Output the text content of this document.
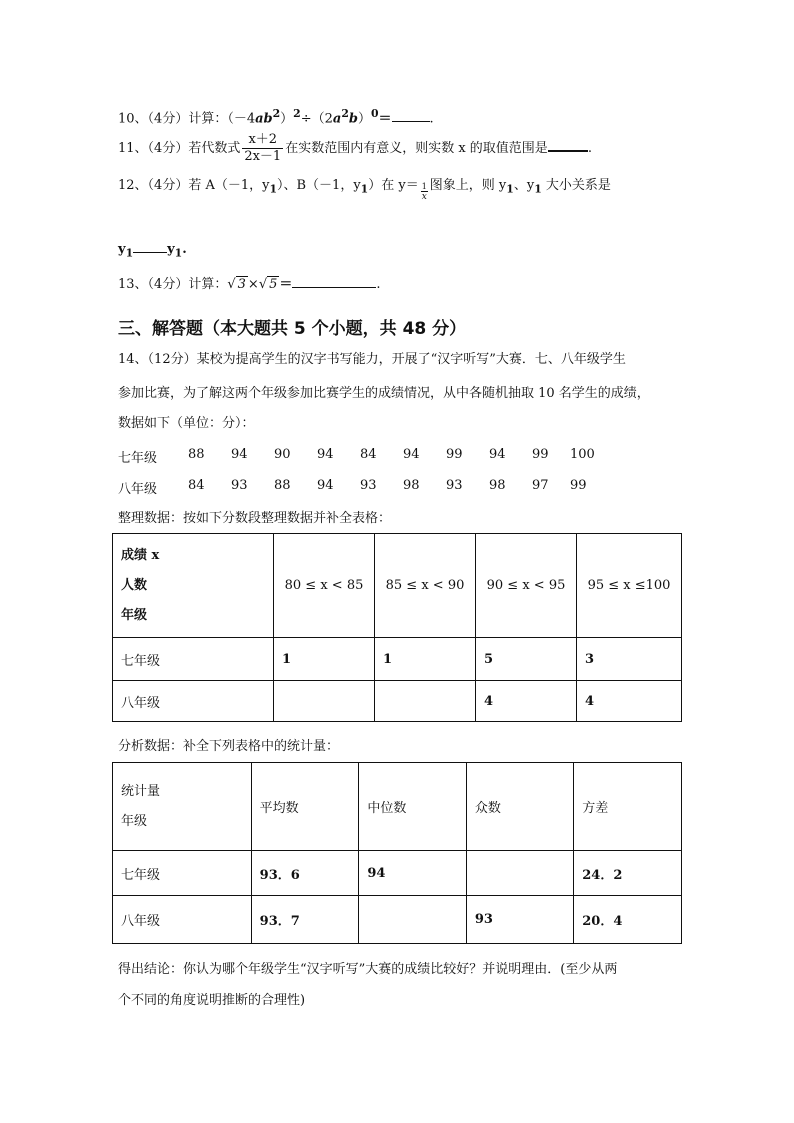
10、（4分）计算：$(-4ab^2)^2\div(2a^2b)^0=$	.
11、（4分）若代数式 $\frac{x+2}{2x-1}$ 在实数范围内有意义，则实数 x 的取值范围是	.
12、（4分）若 A（－1，$y_1$）、B（－1，$y_1$）在 $y= \frac{1}{x}$ 图象上，则 $y_1$、$y_1$ 大小关系是
$y_1$	$y_1$.
13、（4分）计算：√ 3 ×√ 5 ＝	.
三、解答题（本大题共 5 个小题，共 48 分）
14、（12分）某校为提高学生的汉字书写能力，开展了“汉字听写”大赛．七、八年级学生
参加比赛，为了解这两个年级参加比赛学生的成绩情况，从中各随机抽取 10 名学生的成绩，
数据如下（单位：分）：
七年级 88 94 90 94 84 94 99 94 99 100
八年级 84 93 88 94 93 98 93 98 97 99
整理数据：按如下分数段整理数据并补全表格：
成绩 x
人数
年级	80 ≤ x < 85	85 ≤ x < 90	90 ≤ x < 95	95 ≤ x ≤100
七年级	1	1	5	3
八年级			4	4
分析数据：补全下列表格中的统计量：
统计量
年级	平均数	中位数	众数	方差
七年级	93．6	94		24．2
八年级	93．7		93	20．4
得出结论：你认为哪个年级学生“汉字听写”大赛的成绩比较好？并说明理由．(至少从两
个不同的角度说明推断的合理性)
